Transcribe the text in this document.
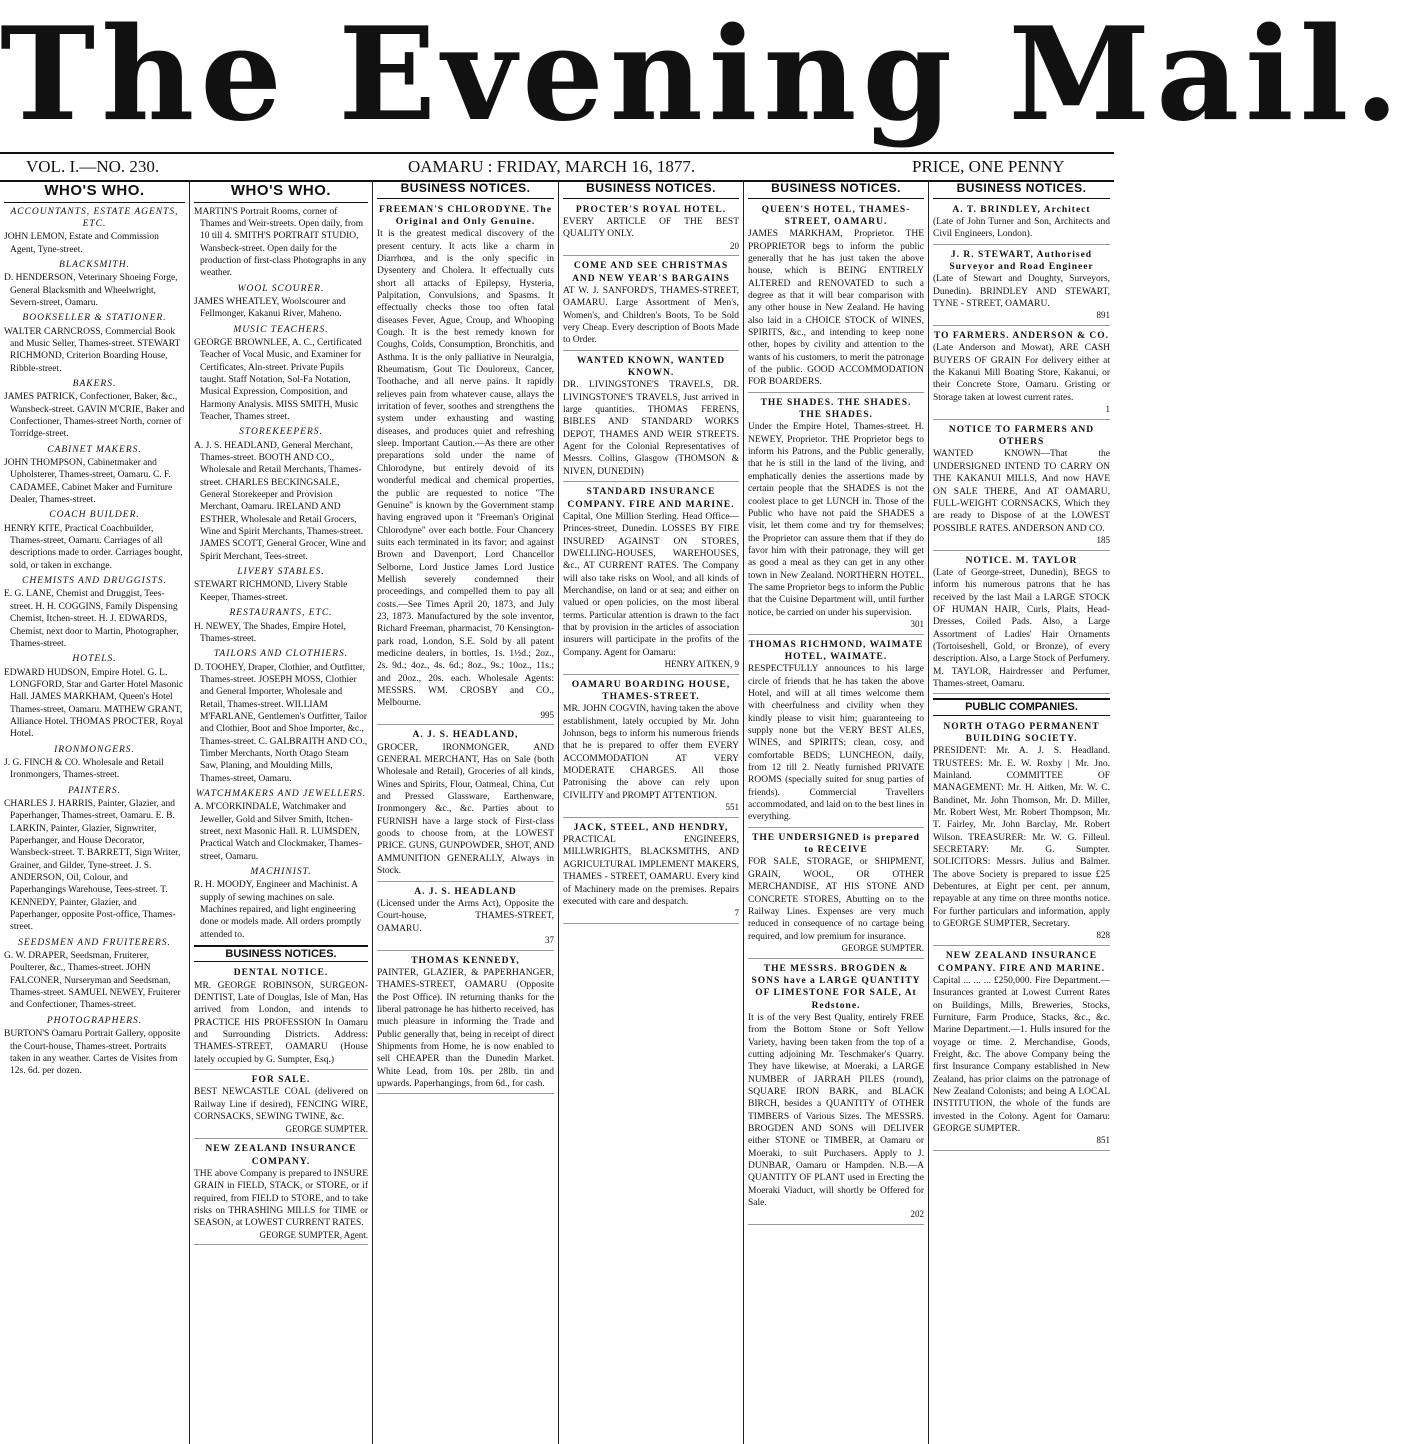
The Evening Mail.
VOL. I.—NO. 230.	OAMARU : FRIDAY, MARCH 16, 1877.	PRICE, ONE PENNY
WHO'S WHO.
ACCOUNTANTS, ESTATE AGENTS, ETC.

JOHN LEMON, Estate and Commission Agent, Tyne-street.

BLACKSMITH.

D. HENDERSON, Veterinary Shoeing Forge, General Blacksmith and Wheelwright, Severn-street, Oamaru.

BOOKSELLER & STATIONER.

WALTER CARNCROSS, Commercial Book and Music Seller, Thames-street. STEWART RICHMOND, Criterion Boarding House, Ribble-street.

BAKERS.

JAMES PATRICK, Confectioner, Baker, &c., Wansbeck-street. GAVIN M'CRIE, Baker and Confectioner, Thames-street North, corner of Torridge-street.

CABINET MAKERS.

JOHN THOMPSON, Cabinetmaker and Upholsterer, Thames-street, Oamaru. C. F. CADAMEE, Cabinet Maker and Furniture Dealer, Thames-street.

COACH BUILDER.

HENRY KITE, Practical Coachbuilder, Thames-street, Oamaru. Carriages of all descriptions made to order. Carriages bought, sold, or taken in exchange.

CHEMISTS AND DRUGGISTS.

E. G. LANE, Chemist and Druggist, Tees-street. H. H. COGGINS, Family Dispensing Chemist, Itchen-street. H. J. EDWARDS, Chemist, next door to Martin, Photographer, Thames-street.

HOTELS.

EDWARD HUDSON, Empire Hotel. G. L. LONGFORD, Star and Garter Hotel Masonic Hall. JAMES MARKHAM, Queen's Hotel Thames-street, Oamaru. MATHEW GRANT, Alliance Hotel. THOMAS PROCTER, Royal Hotel.

IRONMONGERS.

J. G. FINCH & CO. Wholesale and Retail Ironmongers, Thames-street.

PAINTERS.

CHARLES J. HARRIS, Painter, Glazier, and Paperhanger, Thames-street, Oamaru. E. B. LARKIN, Painter, Glazier, Signwriter, Paperhanger, and House Decorator, Wansbeck-street. T. BARRETT, Sign Writer, Grainer, and Gilder, Tyne-street. J. S. ANDERSON, Oil, Colour, and Paperhangings Warehouse, Tees-street. T. KENNEDY, Painter, Glazier, and Paperhanger, opposite Post-office, Thames-street.

SEEDSMEN AND FRUITERERS.

G. W. DRAPER, Seedsman, Fruiterer, Poulterer, &c., Thames-street. JOHN FALCONER, Nurseryman and Seedsman, Thames-street. SAMUEL NEWEY, Fruiterer and Confectioner, Thames-street.

PHOTOGRAPHERS.

BURTON'S Oamaru Portrait Gallery, opposite the Court-house, Thames-street. Portraits taken in any weather. Cartes de Visites from 12s. 6d. per dozen.

WHO'S WHO.

MARTIN'S Portrait Rooms, corner of Thames and Weir-streets. Open daily, from 10 till 4. SMITH'S PORTRAIT STUDIO, Wansbeck-street. Open daily for the production of first-class Photographs in any weather.

WOOL SCOURER.

JAMES WHEATLEY, Woolscourer and Fellmonger, Kakanui River, Maheno.

MUSIC TEACHERS.

GEORGE BROWNLEE, A. C., Certificated Teacher of Vocal Music, and Examiner for Certificates, Aln-street. Private Pupils taught. Staff Notation, Sol-Fa Notation, Musical Expression, Composition, and Harmony Analysis. MISS SMITH, Music Teacher, Thames street.

STOREKEEPERS.

A. J. S. HEADLAND, General Merchant, Thames-street. BOOTH AND CO., Wholesale and Retail Merchants, Thames-street. CHARLES BECKINGSALE, General Storekeeper and Provision Merchant, Oamaru. IRELAND AND ESTHER, Wholesale and Retail Grocers, Wine and Spirit Merchants, Thames-street. JAMES SCOTT, General Grocer, Wine and Spirit Merchant, Tees-street.

LIVERY STABLES.

STEWART RICHMOND, Livery Stable Keeper, Thames-street.

RESTAURANTS, ETC.

H. NEWEY, The Shades, Empire Hotel, Thames-street.

TAILORS AND CLOTHIERS.

D. TOOHEY, Draper, Clothier, and Outfitter, Thames-street. JOSEPH MOSS, Clothier and General Importer, Wholesale and Retail, Thames-street. WILLIAM M'FARLANE, Gentlemen's Outfitter, Tailor and Clothier, Boot and Shoe Importer, &c., Thames-street. C. GALBRAITH AND CO., Timber Merchants, North Otago Steam Saw, Planing, and Moulding Mills, Thames-street, Oamaru.

WATCHMAKERS AND JEWELLERS.

A. M'CORKINDALE, Watchmaker and Jeweller, Gold and Silver Smith, Itchen-street, next Masonic Hall. R. LUMSDEN, Practical Watch and Clockmaker, Thames-street, Oamaru.

MACHINIST.

R. H. MOODY, Engineer and Machinist. A supply of sewing machines on sale. Machines repaired, and light engineering done or models made. All orders promptly attended to.

BUSINESS NOTICES.
DENTAL NOTICE.
MR. GEORGE ROBINSON, SURGEON-DENTIST, Late of Douglas, Isle of Man, Has arrived from London, and intends to PRACTICE HIS PROFESSION In Oamaru and Surrounding Districts. Address: THAMES-STREET, OAMARU (House lately occupied by G. Sumpter, Esq.)
FOR SALE.
BEST NEWCASTLE COAL (delivered on Railway Line if desired), FENCING WIRE, CORNSACKS, SEWING TWINE, &c.
GEORGE SUMPTER.
NEW ZEALAND INSURANCE COMPANY.
THE above Company is prepared to INSURE GRAIN in FIELD, STACK, or STORE, or if required, from FIELD to STORE, and to take risks on THRASHING MILLS for TIME or SEASON, at LOWEST CURRENT RATES.
GEORGE SUMPTER, Agent.
BUSINESS NOTICES.
FREEMAN'S CHLORODYNE. The Original and Only Genuine.
It is the greatest medical discovery of the present century. It acts like a charm in Diarrhœa, and is the only specific in Dysentery and Cholera. It effectually cuts short all attacks of Epilepsy, Hysteria, Palpitation, Convulsions, and Spasms. It effectually checks those too often fatal diseases Fever, Ague, Croup, and Whooping Cough. It is the best remedy known for Coughs, Colds, Consumption, Bronchitis, and Asthma. It is the only palliative in Neuralgia, Rheumatism, Gout Tic Douloreux, Cancer, Toothache, and all nerve pains. It rapidly relieves pain from whatever cause, allays the irritation of fever, soothes and strengthens the system under exhausting and wasting diseases, and produces quiet and refreshing sleep. Important Caution.—As there are other preparations sold under the name of Chlorodyne, but entirely devoid of its wonderful medical and chemical properties, the public are requested to notice "The Genuine" is known by the Government stamp having engraved upon it "Freeman's Original Chlorodyne" over each bottle. Four Chancery suits each terminated in its favor; and against Brown and Davenport, Lord Chancellor Selborne, Lord Justice James Lord Justice Mellish severely condemned their proceedings, and compelled them to pay all costs.—See Times April 20, 1873, and July 23, 1873. Manufactured by the sole inventor, Richard Freeman, pharmacist, 70 Kensington-park road, London, S.E. Sold by all patent medicine dealers, in bottles, 1s. 1½d.; 2oz., 2s. 9d.; 4oz., 4s. 6d.; 8oz., 9s.; 10oz., 11s.; and 20oz., 20s. each. Wholesale Agents: MESSRS. WM. CROSBY and CO., Melbourne.
995
A. J. S. HEADLAND,
GROCER, IRONMONGER, AND GENERAL MERCHANT, Has on Sale (both Wholesale and Retail), Groceries of all kinds, Wines and Spirits, Flour, Oatmeal, China, Cut and Pressed Glassware, Earthenware, Ironmongery &c., &c. Parties about to FURNISH have a large stock of First-class goods to choose from, at the LOWEST PRICE. GUNS, GUNPOWDER, SHOT, AND AMMUNITION GENERALLY, Always in Stock.
A. J. S. HEADLAND
(Licensed under the Arms Act), Opposite the Court-house, THAMES-STREET, OAMARU.
37
THOMAS KENNEDY,
PAINTER, GLAZIER, & PAPERHANGER, THAMES-STREET, OAMARU (Opposite the Post Office). IN returning thanks for the liberal patronage he has hitherto received, has much pleasure in informing the Trade and Public generally that, being in receipt of direct Shipments from Home, he is now enabled to sell CHEAPER than the Dunedin Market. White Lead, from 10s. per 28lb. tin and upwards. Paperhangings, from 6d., for cash.
BUSINESS NOTICES.
PROCTER'S ROYAL HOTEL.
EVERY ARTICLE OF THE BEST QUALITY ONLY.
20
COME AND SEE CHRISTMAS AND NEW YEAR'S BARGAINS
AT W. J. SANFORD'S, THAMES-STREET, OAMARU. Large Assortment of Men's, Women's, and Children's Boots, To be Sold very Cheap. Every description of Boots Made to Order.
WANTED KNOWN, WANTED KNOWN.
DR. LIVINGSTONE'S TRAVELS, DR. LIVINGSTONE'S TRAVELS, Just arrived in large quantities. THOMAS FERENS, BIBLES AND STANDARD WORKS DEPOT, THAMES AND WEIR STREETS. Agent for the Colonial Representatives of Messrs. Collins, Glasgow (THOMSON & NIVEN, DUNEDIN)
STANDARD INSURANCE COMPANY. FIRE AND MARINE.
Capital, One Million Sterling. Head Office—Princes-street, Dunedin. LOSSES BY FIRE INSURED AGAINST ON STORES, DWELLING-HOUSES, WAREHOUSES, &c., AT CURRENT RATES. The Company will also take risks on Wool, and all kinds of Merchandise, on land or at sea; and either on valued or open policies, on the most liberal terms. Particular attention is drawn to the fact that by provision in the articles of association insurers will participate in the profits of the Company. Agent for Oamaru:
HENRY AITKEN, 9
OAMARU BOARDING HOUSE, THAMES-STREET.
MR. JOHN COGVIN, having taken the above establishment, lately occupied by Mr. John Johnson, begs to inform his numerous friends that he is prepared to offer them EVERY ACCOMMODATION AT VERY MODERATE CHARGES. All those Patronising the above can rely upon CIVILITY and PROMPT ATTENTION.
551
JACK, STEEL, AND HENDRY,
PRACTICAL ENGINEERS, MILLWRIGHTS, BLACKSMITHS, AND AGRICULTURAL IMPLEMENT MAKERS, THAMES - STREET, OAMARU. Every kind of Machinery made on the premises. Repairs executed with care and despatch.
7
BUSINESS NOTICES.
QUEEN'S HOTEL, THAMES-STREET, OAMARU.
JAMES MARKHAM, Proprietor. THE PROPRIETOR begs to inform the public generally that he has just taken the above house, which is BEING ENTIRELY ALTERED and RENOVATED to such a degree as that it will bear comparison with any other house in New Zealand. He having also laid in a CHOICE STOCK of WINES, SPIRITS, &c., and intending to keep none other, hopes by civility and attention to the wants of his customers, to merit the patronage of the public. GOOD ACCOMMODATION FOR BOARDERS.
THE SHADES. THE SHADES. THE SHADES.
Under the Empire Hotel, Thames-street. H. NEWEY, Proprietor. THE Proprietor begs to inform his Patrons, and the Public generally, that he is still in the land of the living, and emphatically denies the assertions made by certain people that the SHADES is not the coolest place to get LUNCH in. Those of the Public who have not paid the SHADES a visit, let them come and try for themselves; the Proprietor can assure them that if they do favor him with their patronage, they will get as good a meal as they can get in any other town in New Zealand. NORTHERN HOTEL. The same Proprietor begs to inform the Public that the Cuisine Department will, until further notice, be carried on under his supervision.
301
THOMAS RICHMOND, WAIMATE HOTEL, WAIMATE.
RESPECTFULLY announces to his large circle of friends that he has taken the above Hotel, and will at all times welcome them with cheerfulness and civility when they kindly please to visit him; guaranteeing to supply none but the VERY BEST ALES, WINES, and SPIRITS; clean, cosy, and comfortable BEDS; LUNCHEON, daily, from 12 till 2. Neatly furnished PRIVATE ROOMS (specially suited for snug parties of friends). Commercial Travellers accommodated, and laid on to the best lines in everything.
THE UNDERSIGNED is prepared to RECEIVE
FOR SALE, STORAGE, or SHIPMENT, GRAIN, WOOL, OR OTHER MERCHANDISE, AT HIS STONE AND CONCRETE STORES, Abutting on to the Railway Lines. Expenses are very much reduced in consequence of no cartage being required, and low premium for insurance.
GEORGE SUMPTER.
THE MESSRS. BROGDEN & SONS have a LARGE QUANTITY OF LIMESTONE FOR SALE, At Redstone.
It is of the very Best Quality, entirely FREE from the Bottom Stone or Soft Yellow Variety, having been taken from the top of a cutting adjoining Mr. Teschmaker's Quarry. They have likewise, at Moeraki, a LARGE NUMBER of JARRAH PILES (round), SQUARE IRON BARK, and BLACK BIRCH, besides a QUANTITY of OTHER TIMBERS of Various Sizes. The MESSRS. BROGDEN AND SONS will DELIVER either STONE or TIMBER, at Oamaru or Moeraki, to suit Purchasers. Apply to J. DUNBAR, Oamaru or Hampden. N.B.—A QUANTITY OF PLANT used in Erecting the Moeraki Viaduct, will shortly be Offered for Sale.
202
BUSINESS NOTICES.
A. T. BRINDLEY, Architect
(Late of John Turner and Son, Architects and Civil Engineers, London).
J. R. STEWART, Authorised Surveyor and Road Engineer
(Late of Stewart and Doughty, Surveyors, Dunedin). BRINDLEY AND STEWART, TYNE - STREET, OAMARU.
891
TO FARMERS. ANDERSON & CO.
(Late Anderson and Mowat), ARE CASH BUYERS OF GRAIN For delivery either at the Kakanui Mill Boating Store, Kakanui, or their Concrete Store, Oamaru. Gristing or Storage taken at lowest current rates.
1
NOTICE TO FARMERS AND OTHERS
WANTED KNOWN—That the UNDERSIGNED INTEND TO CARRY ON THE KAKANUI MILLS, And now HAVE ON SALE THERE, And AT OAMARU, FULL-WEIGHT CORNSACKS, Which they are ready to Dispose of at the LOWEST POSSIBLE RATES. ANDERSON AND CO.
185
NOTICE. M. TAYLOR
(Late of George-street, Dunedin), BEGS to inform his numerous patrons that he has received by the last Mail a LARGE STOCK OF HUMAN HAIR, Curls, Plaits, Head-Dresses, Coiled Pads. Also, a Large Assortment of Ladies' Hair Ornaments (Tortoiseshell, Gold, or Bronze), of every description. Also, a Large Stock of Perfumery. M. TAYLOR, Hairdresser and Perfumer, Thames-street, Oamaru.
PUBLIC COMPANIES.
NORTH OTAGO PERMANENT BUILDING SOCIETY.
PRESIDENT: Mr. A. J. S. Headland. TRUSTEES: Mr. E. W. Roxby | Mr. Jno. Mainland. COMMITTEE OF MANAGEMENT: Mr. H. Aitken, Mr. W. C. Bandinet, Mr. John Thomson, Mr. D. Miller, Mr. Robert West, Mr. Robert Thompson, Mr. T. Fairley, Mr. John Barclay, Mr. Robert Wilson. TREASURER: Mr. W. G. Filleul. SECRETARY: Mr. G. Sumpter. SOLICITORS: Messrs. Julius and Balmer. The above Society is prepared to issue £25 Debentures, at Eight per cent. per annum, repayable at any time on three months notice. For further particulars and information, apply to GEORGE SUMPTER, Secretary.
828
NEW ZEALAND INSURANCE COMPANY. FIRE AND MARINE.
Capital ... ... ... £250,000. Fire Department.—Insurances granted at Lowest Current Rates on Buildings, Mills, Breweries, Stocks, Furniture, Farm Produce, Stacks, &c., &c. Marine Department.—1. Hulls insured for the voyage or time. 2. Merchandise, Goods, Freight, &c. The above Company being the first Insurance Company established in New Zealand, has prior claims on the patronage of New Zealand Colonists; and being A LOCAL INSTITUTION, the whole of the funds are invested in the Colony. Agent for Oamaru: GEORGE SUMPTER.
851
